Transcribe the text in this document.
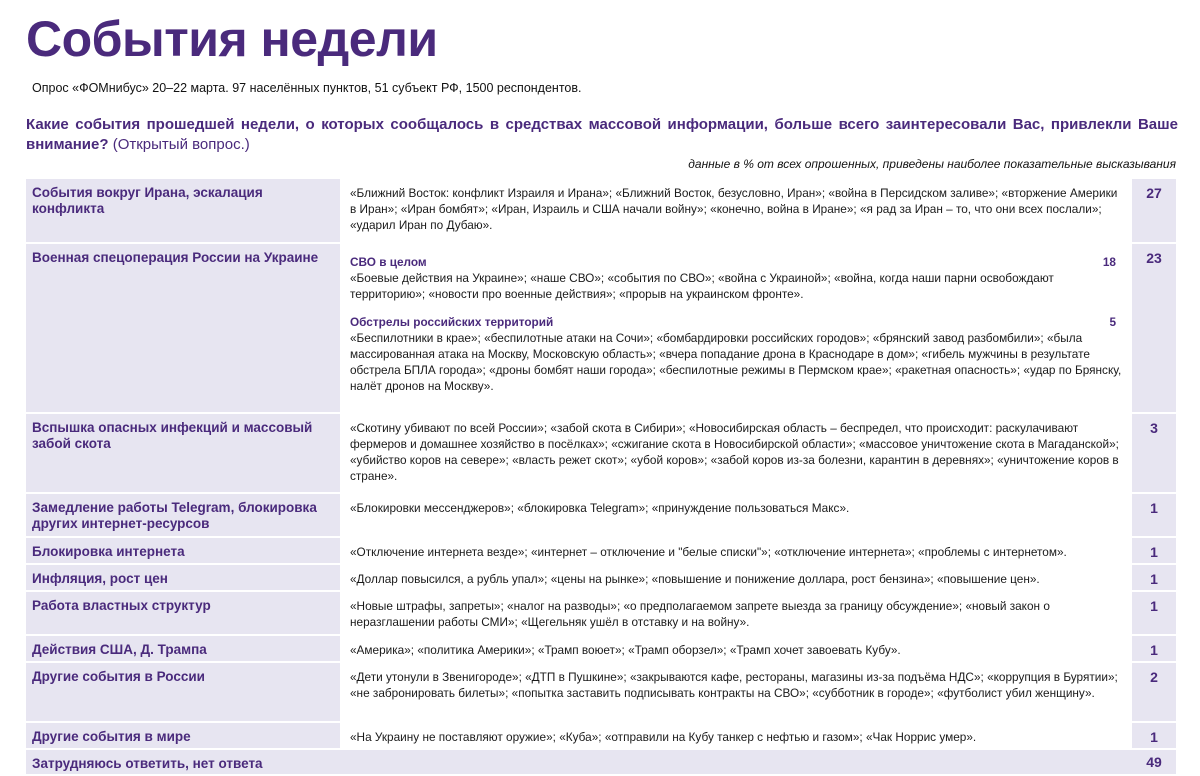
События недели
Опрос «ФОМнибус» 20–22 марта. 97 населённых пунктов, 51 субъект РФ, 1500 респондентов.
Какие события прошедшей недели, о которых сообщалось в средствах массовой информации, больше всего заинтересовали Вас, привлекли Ваше внимание? (Открытый вопрос.)
данные в % от всех опрошенных, приведены наиболее показательные высказывания
События вокруг Ирана, эскалация конфликта
«Ближний Восток: конфликт Израиля и Ирана»; «Ближний Восток, безусловно, Иран»; «война в Персидском заливе»; «вторжение Америки в Иран»; «Иран бомбят»; «Иран, Израиль и США начали войну»; «конечно, война в Иране»; «я рад за Иран – то, что они всех послали»; «ударил Иран по Дубаю».
27
Военная спецоперация России на Украине	СВО в целом	18
«Боевые действия на Украине»; «наше СВО»; «события по СВО»; «война с Украиной»; «война, когда наши парни освобождают территорию»; «новости про военные действия»; «прорыв на украинском фронте».
Обстрелы российских территорий	5
«Беспилотники в крае»; «беспилотные атаки на Сочи»; «бомбардировки российских городов»; «брянский завод разбомбили»; «была массированная атака на Москву, Московскую область»; «вчера попадание дрона в Краснодаре в дом»; «гибель мужчины в результате обстрела БПЛА города»; «дроны бомбят наши города»; «беспилотные режимы в Пермском крае»; «ракетная опасность»; «удар по Брянску, налёт дронов на Москву».
23
Вспышка опасных инфекций и массовый забой скота
«Скотину убивают по всей России»; «забой скота в Сибири»; «Новосибирская область – беспредел, что происходит: раскулачивают фермеров и домашнее хозяйство в посёлках»; «сжигание скота в Новосибирской области»; «массовое уничтожение скота в Магаданской»; «убийство коров на севере»; «власть режет скот»; «убой коров»; «забой коров из-за болезни, карантин в деревнях»; «уничтожение коров в стране».
3
Замедление работы Telegram, блокировка других интернет-ресурсов
«Блокировки мессенджеров»; «блокировка Telegram»; «принуждение пользоваться Макс».	1
Блокировка интернета	«Отключение интернета везде»; «интернет – отключение и "белые списки"»; «отключение интернета»; «проблемы с интернетом».	1
Инфляция, рост цен	«Доллар повысился, а рубль упал»; «цены на рынке»; «повышение и понижение доллара, рост бензина»; «повышение цен».	1
Работа властных структур	«Новые штрафы, запреты»; «налог на разводы»; «о предполагаемом запрете выезда за границу обсуждение»; «новый закон о неразглашении работы СМИ»; «Щегельняк ушёл в отставку и на войну».
1
Действия США, Д. Трампа	«Америка»; «политика Америки»; «Трамп воюет»; «Трамп оборзел»; «Трамп хочет завоевать Кубу».	1
Другие события в России	«Дети утонули в Звенигороде»; «ДТП в Пушкине»; «закрываются кафе, рестораны, магазины из-за подъёма НДС»; «коррупция в Бурятии»; «не забронировать билеты»; «попытка заставить подписывать контракты на СВО»; «субботник в городе»; «футболист убил женщину».
2
Другие события в мире	«На Украину не поставляют оружие»; «Куба»; «отправили на Кубу танкер с нефтью и газом»; «Чак Норрис умер».	1
Затрудняюсь ответить, нет ответа	49
